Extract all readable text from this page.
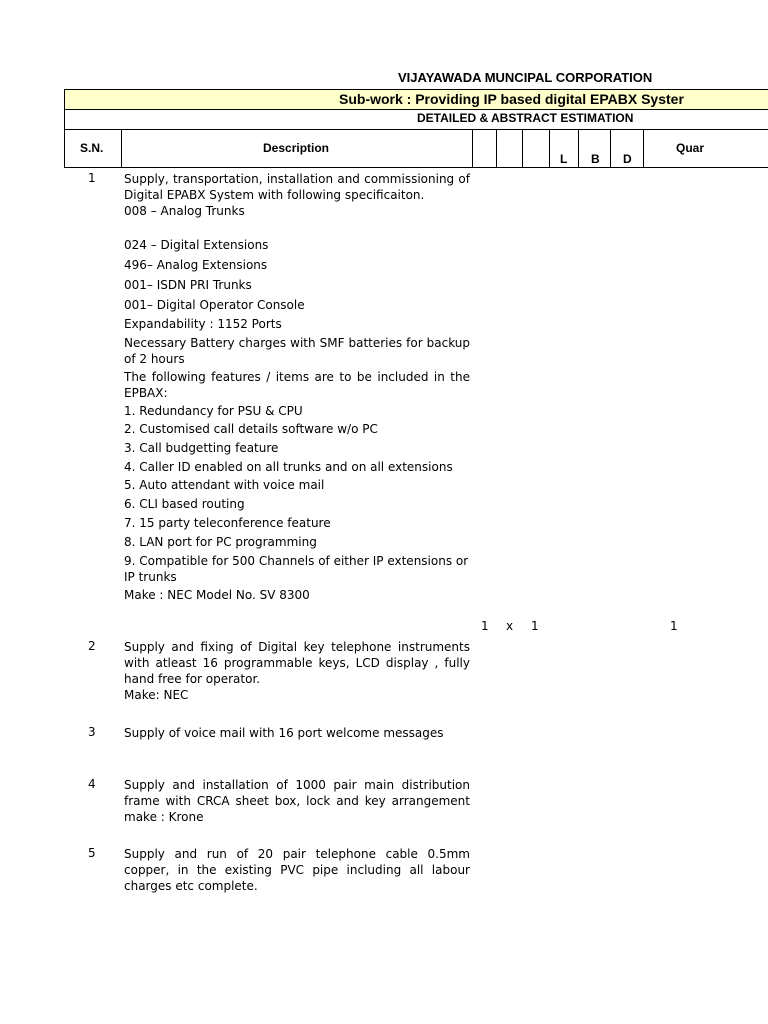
VIJAYAWADA MUNCIPAL CORPORATION
Sub-work : Providing IP based digital EPABX Syster
DETAILED & ABSTRACT ESTIMATION
S.N.	Description
L B D
Quar
1 Supply, transportation, installation and commissioning of Digital EPABX System with following specificaiton.

008 – Analog Trunks

024 – Digital Extensions

496– Analog Extensions

001– ISDN PRI Trunks

001– Digital Operator Console

Expandability : 1152 Ports

Necessary Battery charges with SMF batteries for backup of 2 hours

The following features / items are to be included in the EPBAX:

1. Redundancy for PSU & CPU

2. Customised call details software w/o PC

3. Call budgetting feature

4. Caller ID enabled on all trunks and on all extensions

5. Auto attendant with voice mail

6. CLI based routing

7. 15 party teleconference feature

8. LAN port for PC programming

9. Compatible for 500 Channels of either IP extensions or IP trunks

Make : NEC Model No. SV 8300

1 x 1	1
2 Supply and fixing of Digital key telephone instruments with atleast 16 programmable keys, LCD display , fully hand free for operator.

Make: NEC

3 Supply of voice mail with 16 port welcome messages

4 Supply and installation of 1000 pair main distribution frame with CRCA sheet box, lock and key arrangement make : Krone

5 Supply and run of 20 pair telephone cable 0.5mm copper, in the existing PVC pipe including all labour charges etc complete.
